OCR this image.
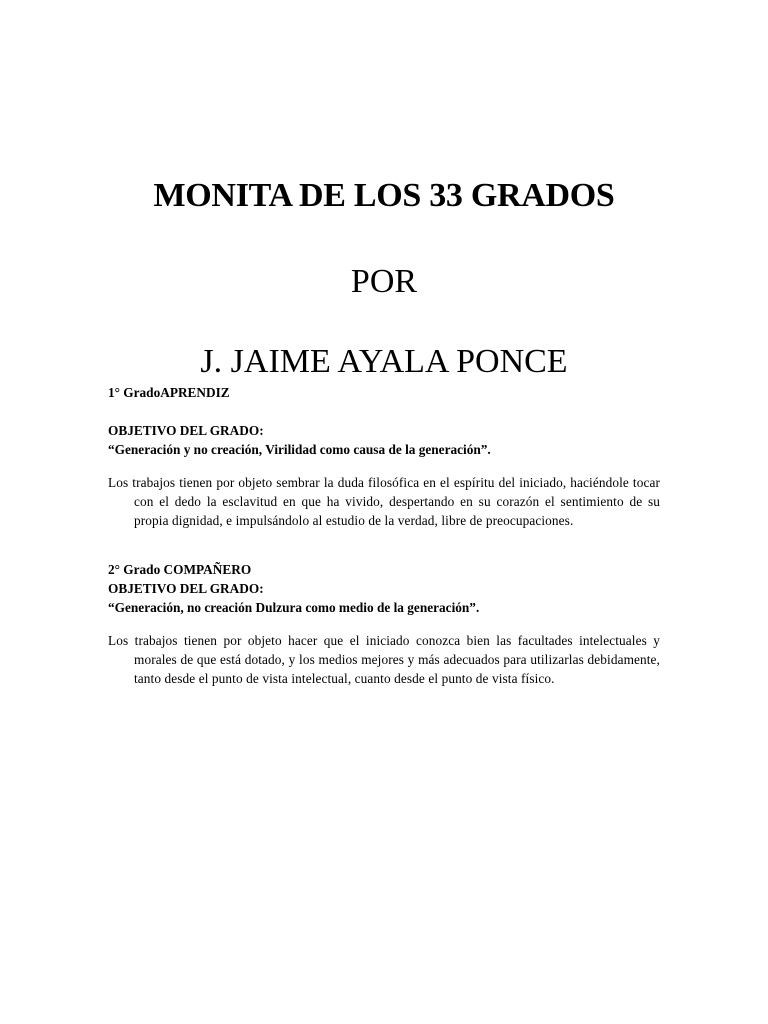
MONITA DE LOS 33 GRADOS
POR
J. JAIME AYALA PONCE
1° GradoAPRENDIZ
OBJETIVO DEL GRADO:
“Generación y no creación, Virilidad como causa de la generación”.

Los trabajos tienen por objeto sembrar la duda filosófica en el espíritu del iniciado, haciéndole tocar con el dedo la esclavitud en que ha vivido, despertando en su corazón el sentimiento de su propia dignidad, e impulsándolo al estudio de la verdad, libre de preocupaciones.

2° Grado COMPAÑERO
OBJETIVO DEL GRADO:
“Generación, no creación Dulzura como medio de la generación”.

Los trabajos tienen por objeto hacer que el iniciado conozca bien las facultades intelectuales y morales de que está dotado, y los medios mejores y más adecuados para utilizarlas debidamente, tanto desde el punto de vista intelectual, cuanto desde el punto de vista físico.
